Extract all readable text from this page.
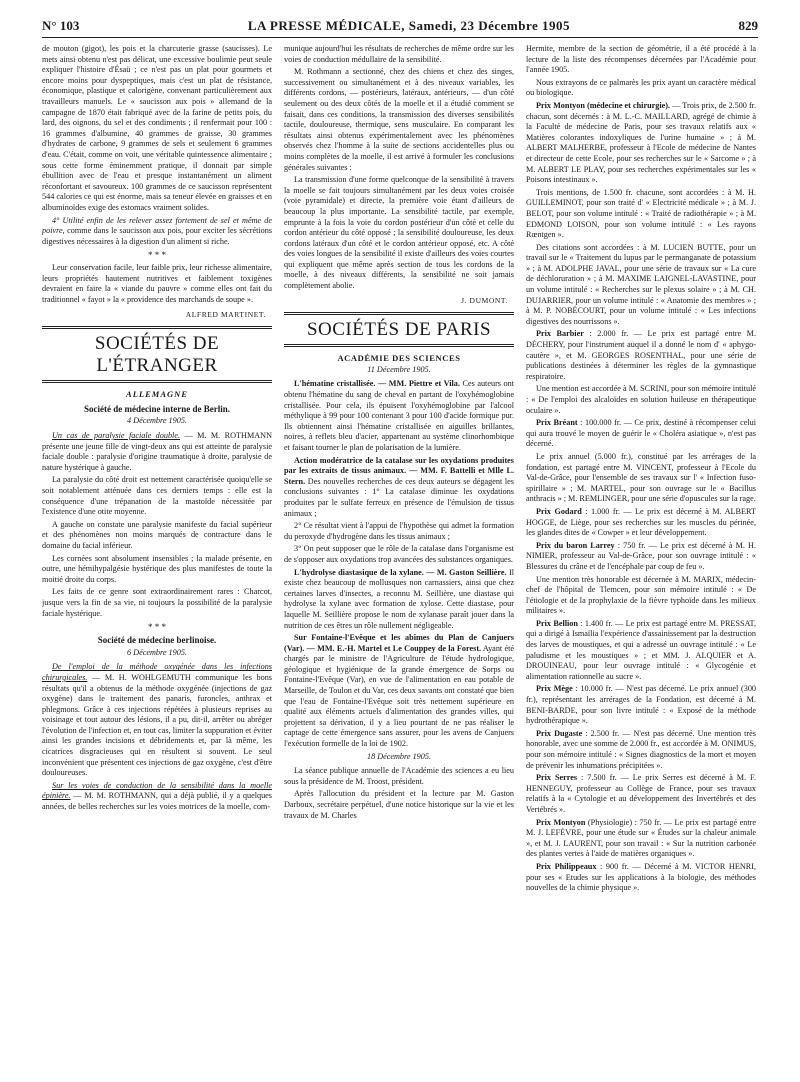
N° 103	LA PRESSE MÉDICALE, Samedi, 23 Décembre 1905	829

de mouton (gigot), les pois et la charcuterie grasse (saucisses). Le mets ainsi obtenu n'est pas délicat, une excessive boulimie peut seule expliquer l'histoire d'Ésaü ; ce n'est pas un plat pour gourmets et encore moins pour dyspeptiques, mais c'est un plat de résistance, économique, plastique et calorigène, convenant particulièrement aux travailleurs manuels. Le « saucisson aux pois » allemand de la campagne de 1870 était fabriqué avec de la farine de petits pois, du lard, des oignons, du sel et des condiments ; il renfermait pour 100 : 16 grammes d'albumine, 40 grammes de graisse, 30 grammes d'hydrates de carbone, 9 grammes de sels et seulement 6 grammes d'eau. C'était, comme on voit, une véritable quintessence alimentaire ; sous cette forme éminemment pratique, il donnait par simple ébullition avec de l'eau et presque instantanément un aliment réconfortant et savoureux. 100 grammes de ce saucisson représentent 544 calories ce qui est énorme, mais sa teneur élevée en graisses et en albuminoïdes exige des estomacs vraiment solides.

4° Utilité enfin de les relever assez fortement de sel et même de poivre, comme dans le saucisson aux pois, pour exciter les sécrétions digestives nécessaires à la digestion d'un aliment si riche.

* * *

Leur conservation facile, leur faible prix, leur richesse alimentaire, leurs propriétés hautement nutritives et faiblement toxigènes devraient en faire la « viande du pauvre » comme elles ont fait du traditionnel « fayot » la « providence des marchands de soupe ».

ALFRED MARTINET.
SOCIÉTÉS DE L'ÉTRANGER
ALLEMAGNE
Société de médecine interne de Berlin.
4 Décembre 1905.

Un cas de paralysie faciale double. — M. M. ROTHMANN présente une jeune fille de vingt-deux ans qui est atteinte de paralysie faciale double : paralysie d'origine traumatique à droite, paralysie de nature hystérique à gauche.

La paralysie du côté droit est nettement caractérisée quoiqu'elle se soit notablement atténuée dans ces derniers temps : elle est la conséquence d'une trépanation de la mastoïde nécessitée par l'existence d'une otite moyenne.

A gauche on constate une paralysie manifeste du facial supérieur et des phénomènes non moins marqués de contracture dans le domaine du facial inférieur.

Les cornées sont absolument insensibles ; la malade présente, en outre, une hémihypalgésie hystérique des plus manifestes de toute la moitié droite du corps.

Les faits de ce genre sont extraordinairement rares : Charcot, jusque vers la fin de sa vie, ni toujours la possibilité de la paralysie faciale hystérique.

* * *
Société de médecine berlinoise.
6 Décembre 1905.

De l'emploi de la méthode oxygénée dans les infections chirurgicales. — M. H. WOHLGEMUTH communique les bons résultats qu'il a obtenus de la méthode oxygénée (injections de gaz oxygène) dans le traitement des panaris, furoncles, anthrax et phlegmons. Grâce à ces injections répétées à plusieurs reprises au voisinage et tout autour des lésions, il a pu, dit-il, arrêter ou abréger l'évolution de l'infection et, en tout cas, limiter la suppuration et éviter ainsi les grandes incisions et débridements et, par là même, les cicatrices disgracieuses qui en résultent si souvent. Le seul inconvénient que présentent ces injections de gaz oxygène, c'est d'être douloureuses.

Sur les voies de conduction de la sensibilité dans la moelle épinière. — M. M. ROTHMANN, qui a déjà publié, il y a quelques années, de belles recherches sur les voies motrices de la moelle, com-

munique aujourd'hui les résultats de recherches de même ordre sur les voies de conduction médullaire de la sensibilité.

M. Rothmann a sectionné, chez des chiens et chez des singes, successivement ou simultanément et à des niveaux variables, les différents cordons, — postérieurs, latéraux, antérieurs, — d'un côté seulement ou des deux côtés de la moelle et il a étudié comment se faisait, dans ces conditions, la transmission des diverses sensibilités tactile, douloureuse, thermique, sens musculaire. En comparant les résultats ainsi obtenus expérimentalement avec les phénomènes observés chez l'homme à la suite de sections accidentelles plus ou moins complètes de la moelle, il est arrivé à formuler les conclusions générales suivantes :

La transmission d'une forme quelconque de la sensibilité à travers la moelle se fait toujours simultanément par les deux voies croisée (voie pyramidale) et directe, la première voie étant d'ailleurs de beaucoup la plus importante. La sensibilité tactile, par exemple, emprunte à la fois la voie du cordon postérieur d'un côté et celle du cordon antérieur du côté opposé ; la sensibilité douloureuse, les deux cordons latéraux d'un côté et le cordon antérieur opposé, etc. A côté des voies longues de la sensibilité il existe d'ailleurs des voies courtes qui expliquent que même après section de tous les cordons de la moelle, à des niveaux différents, la sensibilité ne soit jamais complètement abolie.

J. DUMONT.
SOCIÉTÉS DE PARIS
ACADÉMIE DES SCIENCES
11 Décembre 1905.

L'hématine cristallisée. — MM. Piettre et Vila. Ces auteurs ont obtenu l'hématine du sang de cheval en partant de l'oxyhémoglobine cristallisée. Pour cela, ils épuisent l'oxyhémoglobine par l'alcool méthylique à 99 pour 100 contenant 3 pour 100 d'acide formique pur. Ils obtiennent ainsi l'hématine cristallisée en aiguilles brillantes, noires, à reflets bleu d'acier, appartenant au système clinorhombique et faisant tourner le plan de polarisation de la lumière.

Action modératrice de la catalase sur les oxydations produites par les extraits de tissus animaux. — MM. F. Battelli et Mlle L. Stern. Des nouvelles recherches de ces deux auteurs se dégagent les conclusions suivantes : 1° La catalase diminue les oxydations produites par le sulfate ferreux en présence de l'émulsion de tissus animaux ;

2° Ce résultat vient à l'appui de l'hypothèse qui admet la formation du peroxyde d'hydrogène dans les tissus animaux ;

3° On peut supposer que le rôle de la catalase dans l'organisme est de s'opposer aux oxydations trop avancées des substances organiques.

L'hydrolyse diastasique de la xylane. — M. Gaston Seillière. Il existe chez beaucoup de mollusques non carnassiers, ainsi que chez certaines larves d'insectes, a reconnu M. Seillière, une diastase qui hydrolyse la xylane avec formation de xylose. Cette diastase, pour laquelle M. Seillière propose le nom de xylanase paraît jouer dans la nutrition de ces êtres un rôle nullement négligeable.

Sur Fontaine-l'Evêque et les abîmes du Plan de Canjuers (Var). — MM. E.-H. Martel et Le Couppey de la Forest. Ayant été chargés par le ministre de l'Agriculture de l'étude hydrologique, géologique et hygiénique de la grande émergence de Sorps ou Fontaine-l'Evêque (Var), en vue de l'alimentation en eau potable de Marseille, de Toulon et du Var, ces deux savants ont constaté que bien que l'eau de Fontaine-l'Evêque soit très nettement supérieure en qualité aux éléments actuels d'alimentation des grandes villes, qui projettent sa dérivation, il y a lieu pourtant de ne pas réaliser le captage de cette émergence sans assurer, pour les avens de Canjuers l'exécution formelle de la loi de 1902.

18 Décembre 1905.

La séance publique annuelle de l'Académie des sciences a eu lieu sous la présidence de M. Troost, président.

Après l'allocution du président et la lecture par M. Gaston Darboux, secrétaire perpétuel, d'une notice historique sur la vie et les travaux de M. Charles

Hermite, membre de la section de géométrie, il a été procédé à la lecture de la liste des récompenses décernées par l'Académie pour l'année 1905.

Nous extrayons de ce palmarès les prix ayant un caractère médical ou biologique.

Prix Montyon (médecine et chirurgie). — Trois prix, de 2.500 fr. chacun, sont décernés : à M. L.-C. MAILLARD, agrégé de chimie à la Faculté de médecine de Paris, pour ses travaux relatifs aux « Matières colorantes indoxyliques de l'urine humaine » ; à M. ALBERT MALHERBE, professeur à l'Ecole de médecine de Nantes et directeur de cette Ecole, pour ses recherches sur le « Sarcome » ; à M. ALBERT LE PLAY, pour ses recherches expérimentales sur les « Poisons intestinaux ».

Trois mentions, de 1.500 fr. chacune, sont accordées : à M. H. GUILLEMINOT, pour son traité d' « Electricité médicale » ; à M. J. BELOT, pour son volume intitulé : « Traité de radiothérapie » ; à M. EDMOND LOISON, pour son volume intitulé : « Les rayons Rœntgen ».

Des citations sont accordées : à M. LUCIEN BUTTE, pour un travail sur le « Traitement du lupus par le permanganate de potassium » ; à M. ADOLPHE JAVAL, pour une série de travaux sur « La cure de déchloruration » ; à M. MAXIME LAIGNEL-LAVASTINE, pour un volume intitulé : « Recherches sur le plexus solaire » ; à M. CH. DUJARRIER, pour un volume intitulé : « Anatomie des membres » ; à M. P. NOBÉCOURT, pour un volume intitulé : « Les infections digestives des nourrissons ».

Prix Barbier : 2.000 fr. — Le prix est partagé entre M. DÉCHERY, pour l'instrument auquel il a donné le nom d' « aphygo-cautère », et M. GEORGES ROSENTHAL, pour une série de publications destinées à déterminer les règles de la gymnastique respiratoire.

Une mention est accordée à M. SCRINI, pour son mémoire intitulé : « De l'emploi des alcaloïdes en solution huileuse en thérapeutique oculaire ».

Prix Bréant : 100.000 fr. — Ce prix, destiné à récompenser celui qui aura trouvé le moyen de guérir le « Choléra asiatique », n'est pas décerné.

Le prix annuel (5.000 fr.), constitué par les arrérages de la fondation, est partagé entre M. VINCENT, professeur à l'Ecole du Val-de-Grâce, pour l'ensemble de ses travaux sur l' « Infection fuso-spirillaire » ; M. MARTEL, pour son ouvrage sur le « Bacillus anthracis » ; M. REMLINGER, pour une série d'opuscules sur la rage.

Prix Godard : 1.000 fr. — Le prix est décerné à M. ALBERT HOGGE, de Liège, pour ses recherches sur les muscles du périnée, les glandes dites de « Cowper » et leur développement.

Prix du baron Larrey : 750 fr. — Le prix est décerné à M. H. NIMIER, professeur au Val-de-Grâce, pour son ouvrage intitulé : « Blessures du crâne et de l'encéphale par coup de feu ».

Une mention très honorable est décernée à M. MARIX, médecin-chef de l'hôpital de Tlemcen, pour son mémoire intitulé : « De l'étiologie et de la prophylaxie de la fièvre typhoïde dans les milieux militaires ».

Prix Bellion : 1.400 fr. — Le prix est partagé entre M. PRESSAT, qui a dirigé à Ismaïlia l'expérience d'assainissement par la destruction des larves de moustiques, et qui a adressé un ouvrage intitulé : « Le paludisme et les moustiques » ; et MM. J. ALQUIER et A. DROUINEAU, pour leur ouvrage intitulé : « Glycogénie et alimentation rationnelle au sucre ».

Prix Mège : 10.000 fr. — N'est pas décerné. Le prix annuel (300 fr.), représentant les arrérages de la Fondation, est décerné à M. BENI-BARDE, pour son livre intitulé : « Exposé de la méthode hydrothérapique ».

Prix Dugaste : 2.500 fr. — N'est pas décerné. Une mention très honorable, avec une somme de 2.000 fr., est accordée à M. ONIMUS, pour son mémoire intitulé : « Signes diagnostics de la mort et moyen de prévenir les inhumations précipitées ».

Prix Serres : 7.500 fr. — Le prix Serres est décerné à M. F. HENNEGUY, professeur au Collège de France, pour ses travaux relatifs à la « Cytologie et au développement des Invertébrés et des Vertébrés ».

Prix Montyon (Physiologie) : 750 fr. — Le prix est partagé entre M. J. LEFÈVRE, pour une étude sur « Études sur la chaleur animale », et M. J. LAURENT, pour son travail : « Sur la nutrition carbonée des plantes vertes à l'aide de matières organiques ».

Prix Philippeaux : 900 fr. — Décerné à M. VICTOR HENRI, pour ses « Etudes sur les applications à la biologie, des méthodes nouvelles de la chimie physique ».
